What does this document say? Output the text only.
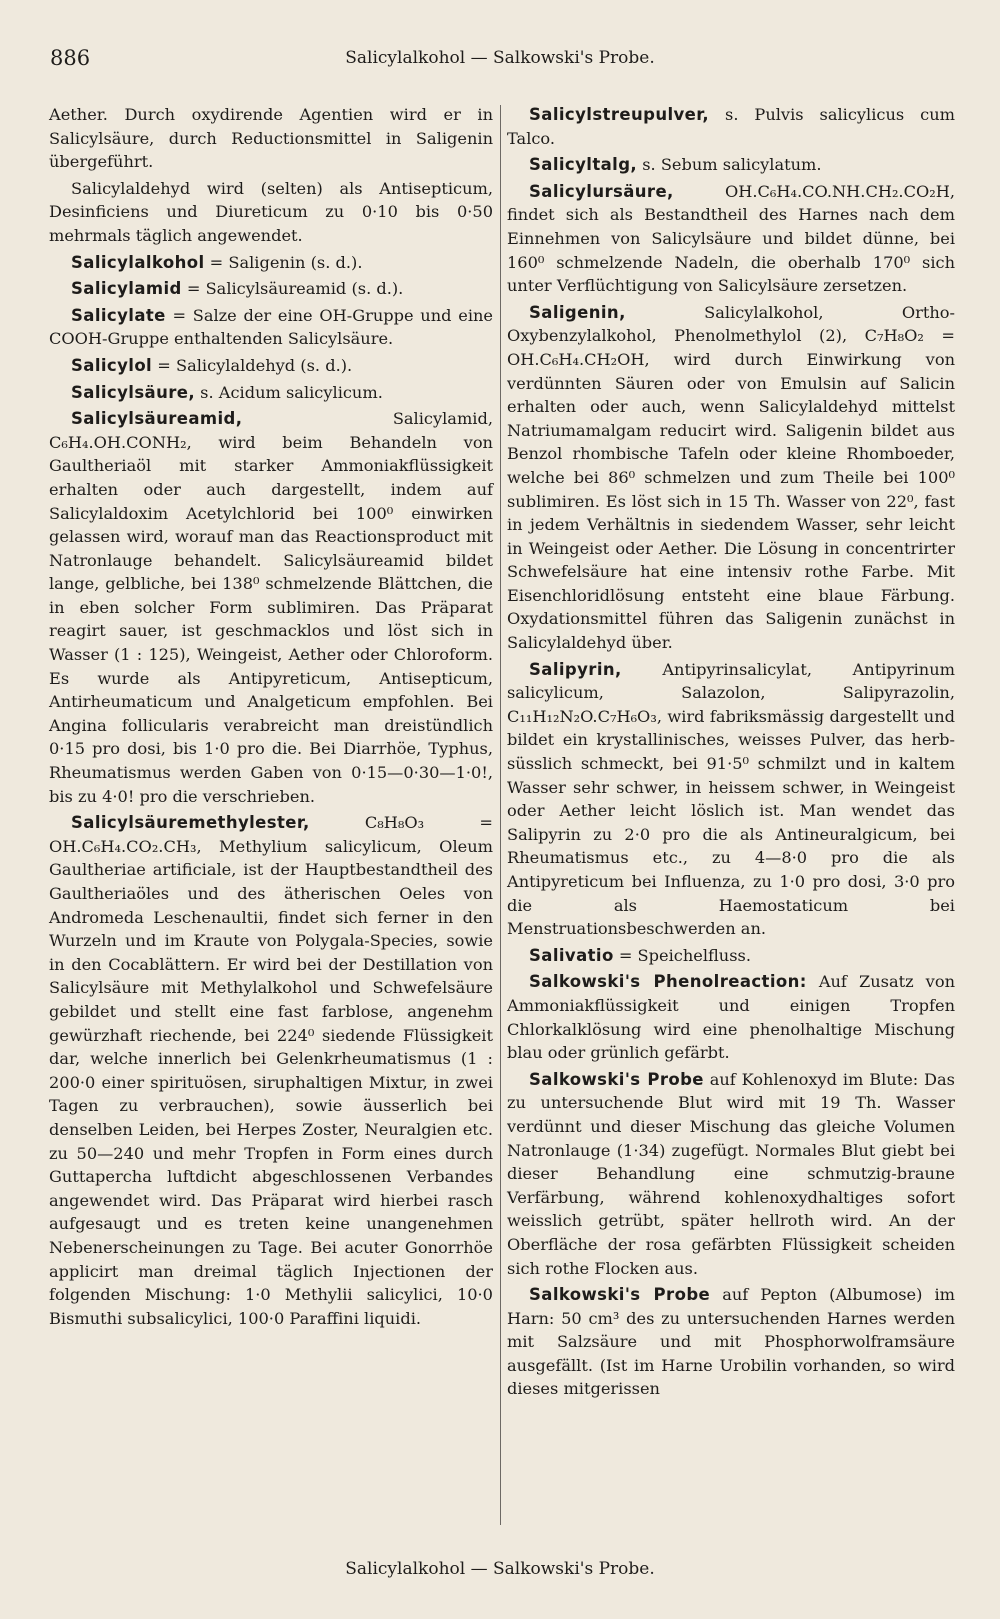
886	Salicylalkohol — Salkowski's Probe.

Aether. Durch oxydirende Agentien wird er in Salicylsäure, durch Reductionsmittel in Saligenin übergeführt.

Salicylaldehyd wird (selten) als Antisepticum, Desinficiens und Diureticum zu 0·10 bis 0·50 mehrmals täglich angewendet.

Salicylalkohol = Saligenin (s. d.).

Salicylamid = Salicylsäureamid (s. d.).

Salicylate = Salze der eine OH-Gruppe und eine COOH-Gruppe enthaltenden Salicylsäure.

Salicylol = Salicylaldehyd (s. d.).

Salicylsäure, s. Acidum salicylicum.

Salicylsäureamid, Salicylamid, C₆H₄.OH.CONH₂, wird beim Behandeln von Gaultheriaöl mit starker Ammoniakflüssigkeit erhalten oder auch dargestellt, indem auf Salicylaldoxim Acetylchlorid bei 100⁰ einwirken gelassen wird, worauf man das Reactionsproduct mit Natronlauge behandelt. Salicylsäureamid bildet lange, gelbliche, bei 138⁰ schmelzende Blättchen, die in eben solcher Form sublimiren. Das Präparat reagirt sauer, ist geschmacklos und löst sich in Wasser (1 : 125), Weingeist, Aether oder Chloroform. Es wurde als Antipyreticum, Antisepticum, Antirheumaticum und Analgeticum empfohlen. Bei Angina follicularis verabreicht man dreistündlich 0·15 pro dosi, bis 1·0 pro die. Bei Diarrhöe, Typhus, Rheumatismus werden Gaben von 0·15—0·30—1·0!, bis zu 4·0! pro die verschrieben.

Salicylsäuremethylester, C₈H₈O₃ = OH.C₆H₄.CO₂.CH₃, Methylium salicylicum, Oleum Gaultheriae artificiale, ist der Hauptbestandtheil des Gaultheriaöles und des ätherischen Oeles von Andromeda Leschenaultii, findet sich ferner in den Wurzeln und im Kraute von Polygala-Species, sowie in den Cocablättern. Er wird bei der Destillation von Salicylsäure mit Methylalkohol und Schwefelsäure gebildet und stellt eine fast farblose, angenehm gewürzhaft riechende, bei 224⁰ siedende Flüssigkeit dar, welche innerlich bei Gelenkrheumatismus (1 : 200·0 einer spirituösen, siruphaltigen Mixtur, in zwei Tagen zu verbrauchen), sowie äusserlich bei denselben Leiden, bei Herpes Zoster, Neuralgien etc. zu 50—240 und mehr Tropfen in Form eines durch Guttapercha luftdicht abgeschlossenen Verbandes angewendet wird. Das Präparat wird hierbei rasch aufgesaugt und es treten keine unangenehmen Nebenerscheinungen zu Tage. Bei acuter Gonorrhöe applicirt man dreimal täglich Injectionen der folgenden Mischung: 1·0 Methylii salicylici, 10·0 Bismuthi subsalicylici, 100·0 Paraffini liquidi.

Salicylstreupulver, s. Pulvis salicylicus cum Talco.

Salicyltalg, s. Sebum salicylatum.

Salicylursäure, OH.C₆H₄.CO.NH.CH₂.CO₂H, findet sich als Bestandtheil des Harnes nach dem Einnehmen von Salicylsäure und bildet dünne, bei 160⁰ schmelzende Nadeln, die oberhalb 170⁰ sich unter Verflüchtigung von Salicylsäure zersetzen.

Saligenin, Salicylalkohol, Ortho-Oxybenzylalkohol, Phenolmethylol (2), C₇H₈O₂ = OH.C₆H₄.CH₂OH, wird durch Einwirkung von verdünnten Säuren oder von Emulsin auf Salicin erhalten oder auch, wenn Salicylaldehyd mittelst Natriumamalgam reducirt wird. Saligenin bildet aus Benzol rhombische Tafeln oder kleine Rhomboeder, welche bei 86⁰ schmelzen und zum Theile bei 100⁰ sublimiren. Es löst sich in 15 Th. Wasser von 22⁰, fast in jedem Verhältnis in siedendem Wasser, sehr leicht in Weingeist oder Aether. Die Lösung in concentrirter Schwefelsäure hat eine intensiv rothe Farbe. Mit Eisenchloridlösung entsteht eine blaue Färbung. Oxydationsmittel führen das Saligenin zunächst in Salicylaldehyd über.

Salipyrin, Antipyrinsalicylat, Antipyrinum salicylicum, Salazolon, Salipyrazolin, C₁₁H₁₂N₂O.C₇H₆O₃, wird fabriksmässig dargestellt und bildet ein krystallinisches, weisses Pulver, das herb-süsslich schmeckt, bei 91·5⁰ schmilzt und in kaltem Wasser sehr schwer, in heissem schwer, in Weingeist oder Aether leicht löslich ist. Man wendet das Salipyrin zu 2·0 pro die als Antineuralgicum, bei Rheumatismus etc., zu 4—8·0 pro die als Antipyreticum bei Influenza, zu 1·0 pro dosi, 3·0 pro die als Haemostaticum bei Menstruationsbeschwerden an.

Salivatio = Speichelfluss.

Salkowski's Phenolreaction: Auf Zusatz von Ammoniakflüssigkeit und einigen Tropfen Chlorkalklösung wird eine phenolhaltige Mischung blau oder grünlich gefärbt.

Salkowski's Probe auf Kohlenoxyd im Blute: Das zu untersuchende Blut wird mit 19 Th. Wasser verdünnt und dieser Mischung das gleiche Volumen Natronlauge (1·34) zugefügt. Normales Blut giebt bei dieser Behandlung eine schmutzig-braune Verfärbung, während kohlenoxydhaltiges sofort weisslich getrübt, später hellroth wird. An der Oberfläche der rosa gefärbten Flüssigkeit scheiden sich rothe Flocken aus.

Salkowski's Probe auf Pepton (Albumose) im Harn: 50 cm³ des zu untersuchenden Harnes werden mit Salzsäure und mit Phosphorwolframsäure ausgefällt. (Ist im Harne Urobilin vorhanden, so wird dieses mitgerissen

Salicylalkohol — Salkowski's Probe.
